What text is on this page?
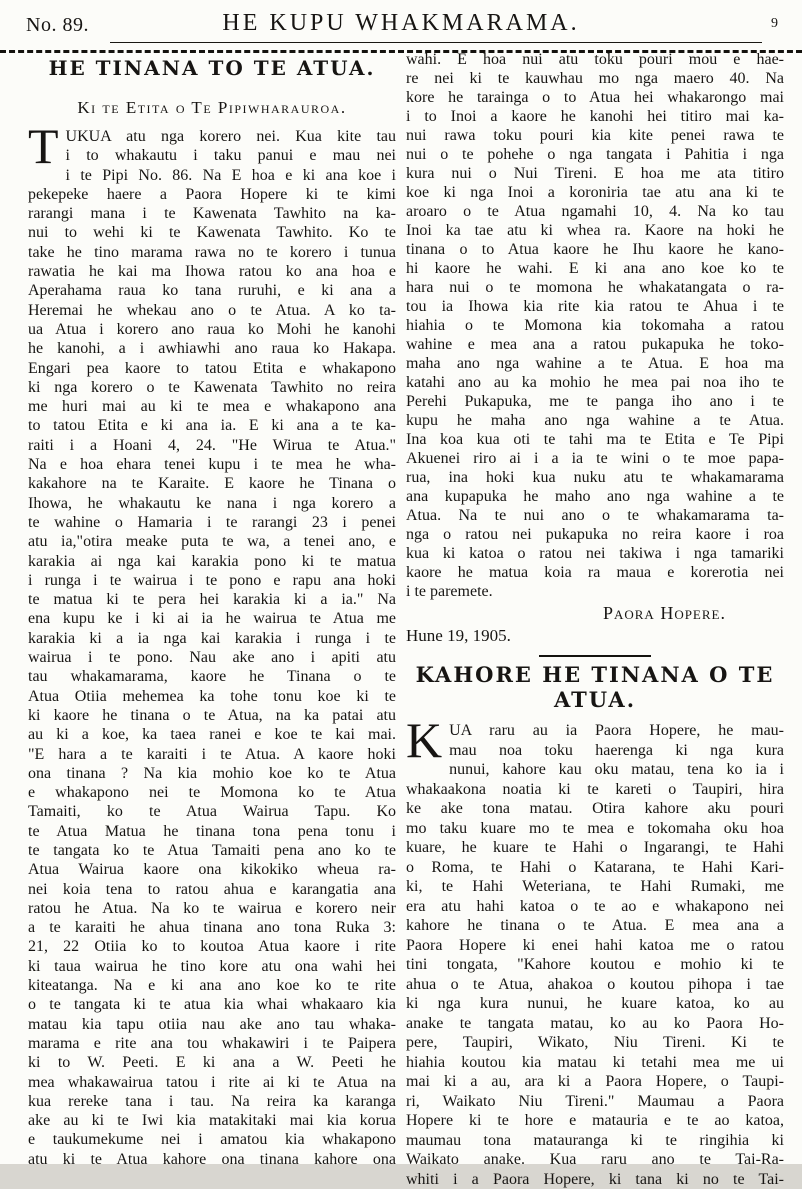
No. 89.	HE KUPU WHAKMARAMA.	9
HE TINANA TO TE ATUA.
Ki te Etita o Te Pipiwharauroa.
T UKUA atu nga korero nei. Kua kite tau
i to whakautu i taku panui e mau nei
i te Pipi No. 86. Na E hoa e ki ana koe i
pekepeke haere a Paora Hopere ki te kimi
rarangi mana i te Kawenata Tawhito na ka-
nui to wehi ki te Kawenata Tawhito. Ko te
take he tino marama rawa no te korero i tunua
rawatia he kai ma Ihowa ratou ko ana hoa e
Aperahama raua ko tana ruruhi, e ki ana a
Heremai he whekau ano o te Atua. A ko ta-
ua Atua i korero ano raua ko Mohi he kanohi
he kanohi, a i awhiawhi ano raua ko Hakapa.
Engari pea kaore to tatou Etita e whakapono
ki nga korero o te Kawenata Tawhito no reira
me huri mai au ki te mea e whakapono ana
to tatou Etita e ki ana ia. E ki ana a te ka-
raiti i a Hoani 4, 24. "He Wirua te Atua."
Na e hoa ehara tenei kupu i te mea he wha-
kakahore na te Karaite. E kaore he Tinana o
Ihowa, he whakautu ke nana i nga korero a
te wahine o Hamaria i te rarangi 23 i penei
atu ia,"otira meake puta te wa, a tenei ano, e
karakia ai nga kai karakia pono ki te matua
i runga i te wairua i te pono e rapu ana hoki
te matua ki te pera hei karakia ki a ia." Na
ena kupu ke i ki ai ia he wairua te Atua me
karakia ki a ia nga kai karakia i runga i te
wairua i te pono. Nau ake ano i apiti atu
tau whakamarama, kaore he Tinana o te
Atua Otiia mehemea ka tohe tonu koe ki te
ki kaore he tinana o te Atua, na ka patai atu
au ki a koe, ka taea ranei e koe te kai mai.
"E hara a te karaiti i te Atua. A kaore hoki
ona tinana ? Na kia mohio koe ko te Atua
e whakapono nei te Momona ko te Atua
Tamaiti, ko te Atua Wairua Tapu. Ko
te Atua Matua he tinana tona pena tonu i
te tangata ko te Atua Tamaiti pena ano ko te
Atua Wairua kaore ona kikokiko wheua ra-
nei koia tena to ratou ahua e karangatia ana
ratou he Atua. Na ko te wairua e korero neir
a te karaiti he ahua tinana ano tona Ruka 3:
21, 22 Otiia ko to koutoa Atua kaore i rite
ki taua wairua he tino kore atu ona wahi hei
kiteatanga. Na e ki ana ano koe ko te rite
o te tangata ki te atua kia whai whakaaro kia
matau kia tapu otiia nau ake ano tau whaka-
marama e rite ana tou whakawiri i te Paipera
ki to W. Peeti. E ki ana a W. Peeti he
mea whakawairua tatou i rite ai ki te Atua na
kua rereke tana i tau. Na reira ka karanga
ake au ki te Iwi kia matakitaki mai kia korua
e taukumekume nei i amatou kia whakapono
atu ki te Atua kahore ona tinana kahore ona
wahi. E hoa nui atu toku pouri mou e hae-
re nei ki te kauwhau mo nga maero 40. Na
kore he tarainga o to Atua hei whakarongo mai
i to Inoi a kaore he kanohi hei titiro mai ka-
nui rawa toku pouri kia kite penei rawa te
nui o te pohehe o nga tangata i Pahitia i nga
kura nui o Nui Tireni. E hoa me ata titiro
koe ki nga Inoi a koroniria tae atu ana ki te
aroaro o te Atua ngamahi 10, 4. Na ko tau
Inoi ka tae atu ki whea ra. Kaore na hoki he
tinana o to Atua kaore he Ihu kaore he kano-
hi kaore he wahi. E ki ana ano koe ko te
hara nui o te momona he whakatangata o ra-
tou ia Ihowa kia rite kia ratou te Ahua i te
hiahia o te Momona kia tokomaha a ratou
wahine e mea ana a ratou pukapuka he toko-
maha ano nga wahine a te Atua. E hoa ma
katahi ano au ka mohio he mea pai noa iho te
Perehi Pukapuka, me te panga iho ano i te
kupu he maha ano nga wahine a te Atua.
Ina koa kua oti te tahi ma te Etita e Te Pipi
Akuenei riro ai i a ia te wini o te moe papa-
rua, ina hoki kua nuku atu te whakamarama
ana kupapuka he maho ano nga wahine a te
Atua. Na te nui ano o te whakamarama ta-
nga o ratou nei pukapuka no reira kaore i roa
kua ki katoa o ratou nei takiwa i nga tamariki
kaore he matua koia ra maua e korerotia nei
i te paremete.
Paora Hopere.
Hune 19, 1905.
KAHORE HE TINANA O TE ATUA.
K UA raru au ia Paora Hopere, he mau-
mau noa toku haerenga ki nga kura
nunui, kahore kau oku matau, tena ko ia i
whakaakona noatia ki te kareti o Taupiri, hira
ke ake tona matau. Otira kahore aku pouri
mo taku kuare mo te mea e tokomaha oku hoa
kuare, he kuare te Hahi o Ingarangi, te Hahi
o Roma, te Hahi o Katarana, te Hahi Kari-
ki, te Hahi Weteriana, te Hahi Rumaki, me
era atu hahi katoa o te ao e whakapono nei
kahore he tinana o te Atua. E mea ana a
Paora Hopere ki enei hahi katoa me o ratou
tini tongata, "Kahore koutou e mohio ki te
ahua o te Atua, ahakoa o koutou pihopa i tae
ki nga kura nunui, he kuare katoa, ko au
anake te tangata matau, ko au ko Paora Ho-
pere, Taupiri, Wikato, Niu Tireni. Ki te
hiahia koutou kia matau ki tetahi mea me ui
mai ki a au, ara ki a Paora Hopere, o Taupi-
ri, Waikato Niu Tireni." Maumau a Paora
Hopere ki te hore e matauria e te ao katoa,
maumau tona matauranga ki te ringihia ki
Waikato anake. Kua raru ano te Tai-Ra-
whiti i a Paora Hopere, ki tana ki no te Tai-
